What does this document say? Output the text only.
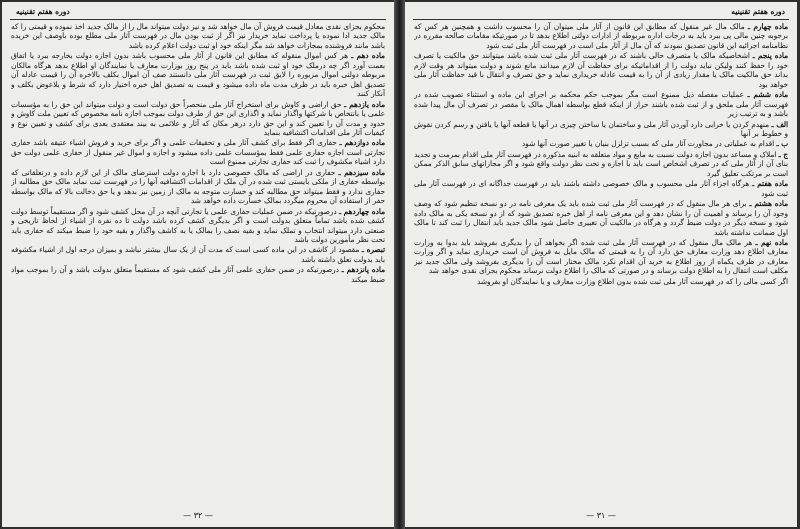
دوره هفتم تقنینیه

محکوم بجزای نقدی معادل قیمت فروش آن مال خواهد شد و نیز دولت میتواند مال را از مالک جدید اخذ نموده و قیمتی را که مالک جدید ادا نموده یا پرداخت نماید خریدار نیز اگر از ثبت بودن مال در فهرست آثار ملی مطلع بوده باوصف این خریده باشد مانند فروشنده بمجازات خواهد شد مگر اینکه خود او ثبت دولت اعلام کرده باشد

ماده دهم ـ هر کس اموال منقوله که مطابق این قانون از آثار ملی محسوب باشد بدون اجازه دولت بخارجه ببرد یا اتفاق بعمت آورد اگر چه درملک خود او ثبت شده باشد باید در پنج روز بوزارت معارف یا نمایندگان او اطلاع بدهد هرگاه مالکان مربوطه دولتی اموال مزبوره را لایق ثبت در فهرست آثار ملی دانستند صف آن اموال بکلف بالاخره آن را قیمت عادله آن تصدیق اهل خبره باید در ظرف مدت ماه داده میشود و قیمت به تصدیق اهل خبره اختیار دارد که شرط و بلاعوض بکلف و آنکار کنند

ماده یازدهم ـ حق اراضی و کاوش برای استخراج آثار ملی منحصراً حق دولت است و دولت میتواند این حق را به مؤسسات علمی یا بانتخاص با شرکتها واگذار نماید و اگذاری این حق از طرف دولت بموجب اجازه نامه مخصوص که تعیین ملت کاوش و حدود و مدت آن را تعیین کند و این حق دارد درهر مکان که آثار و علائمی به بیند معتقدی بعدی برای کشف و تعیین نوع و کیفیات آثار ملی اقدامات اکتشافیه بنماید

ماده دوازدهم ـ حفاری اگر فقط برای کشف آثار ملی و تحقیقات علمی و اگر برای خرید و فروش اشیاء عتیقه باشد حفاری تجارتی است اجازه حفاری علمی فقط بمؤسسات علمی داده میشود و اجازه و اموال غیر منقول از حفاری علمی دولت حق دارد اشیاء مکشوف را ثبت کند حفاری تجارتی ممنوع است

ماده سیزدهم ـ حفاری در اراضی که مالک خصوصی دارد با اجازه دولت استرضای مالک از این لازم داده و درتعلقاتی که بواسطه حفاری از ملکی بایستی ثبت شده در آن ملک از اقدامات اکتشافیه آنها را در فهرست ثبت نماید مالک حق مطالبه از حفاری ندارد و فقط میتواند حق مطالبه کند و خسارت متوجه به مالک از زمین نیز بدهد و یا حق دخالت بالا که مالک بواسطه حفر از استفاده آن محروم میگردد بمالک خسارت داده خواهد شد

ماده چهاردهم ـ درصورتیکه در ضمن عملیات حفاری علمی یا تجارتی آنچه در آن محل کشف شود و اگر مستقیماً توسط دولت کشف شده باشد تماماً متعلق بدولت است و اگر بدیگری کشف کرده باشد دولت تا ده نفره از اشیاء از لحاظ تاریخی و صنعتی دارد میتواند انتخاب و تملک نماید و بقیه نصف را بمالک یا به کاشف واگذار و بقیه خود را ضبط میکند که حفاری باید تحت نظر مأمورین دولت باشد

تبصره ـ مقصود از کاشف در این ماده کسی است که مدت آن از یک سال بیشتر نباشد و بمیزان درجه اول از اشیاء مکشوفه باید بدولت تعلق داشته باشد

ماده پانزدهم ـ درصورتیکه در ضمن حفاری علمی آثار ملی کشف شود که مستقیماً متعلق بدولت باشد و آن را بموجب مواد ضبط میکند

— ٣٢ —
دوره هفتم تقنینیه

ماده چهارم ـ مالک مال غیر منقول که مطابق این قانون از آثار ملی میتوان آن را محسوب داشت و همچنین هر کس که برجوبه چنین مالی پی ببرد باید به درجات اداره مربوطه از ادارات دولتی اطلاع بدهد تا در صورتیکه مقامات صالحه مقرره در نظامنامه اجرائیه این قانون تصدیق نمودند که آن مال از آثار ملی است در فهرست آثار ملی ثبت شود

ماده پنجم ـ اشخاصیکه مالک یا متصرف حالی باشند که در فهرست آثار ملی ثبت شده باشد میتوانند حق مالکیت یا تصرف خود را حفظ کنند ولیکن نباید دولت را از اقداماتیکه برای حفاظت آن لازم میدانند مانع شوند و دولت میتواند هر وقت لازم بداند حق مالکیت مالک یا مقدار زیادی از آن را به قیمت عادله خریداری نماید و حق تصرف و انتقال با قید حفاظت آثار ملی خواهد بود

ماده ششم ـ عملیات مفصله ذیل ممنوع است مگر بموجب حکم محکمه بر اجرای این ماده و استثناء تصویب شده در فهرست آثار ملی ملحق و از ثبت شده باشند حراز از اینکه قطع بواسطه اهمال مالک یا مقصر در تصرف آن مال پیدا شده باشد و به ترتیب زیر

الف ـ منهدم کردن یا خرابی دارد آوردن آثار ملی و ساختمان یا ساختن چیزی در آنها یا قطعه آنها یا یافتن و رسم کردن نقوش و خطوط بر آنها

ب ـ اقدام به عملیاتی در مجاورت آثار ملی که بسبب تزلزل بنیان یا تغییر صورت آنها شود

ج ـ املاک و مساعد بدون اجازه دولت نسبت به مایع و مواد متعلقه به ابنیه مذکوره در فهرست آثار ملی اقدام بمرمت و تجدید بنای آن از آثار ملی که در تصرف اشخاص است باید با اجازه و تحت نظر دولت واقع شود و اگر مجازاتهای سابق الذکر ممکن است بر مرتکب تعلیق گیرد

ماده هفتم ـ هرگاه اجزاء آثار ملی محسوب و مالک خصوصی داشته باشند باید در فهرست جداگانه ای در فهرست آثار ملی ثبت شود

ماده هشتم ـ برای هر مال منقول که در فهرست آثار ملی ثبت شده باید یک معرفی نامه در دو نسخه تنظیم شود که وصف وجود آن را برساند و اهمیت آن را نشان دهد و این معرفی نامه از اهل خبره تصدیق شود که از دو نسخه یکی به مالک داده شود و نسخه دیگر در دولت ضبط گردد و هرگاه در مالکیت آن تغییری حاصل شود مالک جدید باید انتقال را ثبت کند تا مالک اول ضمانت نداشته باشد

ماده نهم ـ هر مالک مال منقول که در فهرست آثار ملی ثبت شده اگر بخواهد آن را بدیگری بفروشد باید بدوا به وزارت معارف اطلاع دهد وزارت معارف حق دارد آن را به قیمتی که مالک مایل به فروش آن است خریداری نماید و اگر وزارت معارف در ظرف یکماه از روز اطلاع به خرید آن اقدام نکرد مالک مختار است آن را بدیگری بفروشد ولی مالک جدید نیز مکلف است انتقال را به اطلاع دولت برساند و در صورتی که مالک را اطلاع دولت نرساند محکوم بجزای نقدی خواهد شد

اگر کسی مالی را که در فهرست آثار ملی ثبت شده بدون اطلاع وزارت معارف و یا نمایندگان او بفروشد

— ٣١ —
